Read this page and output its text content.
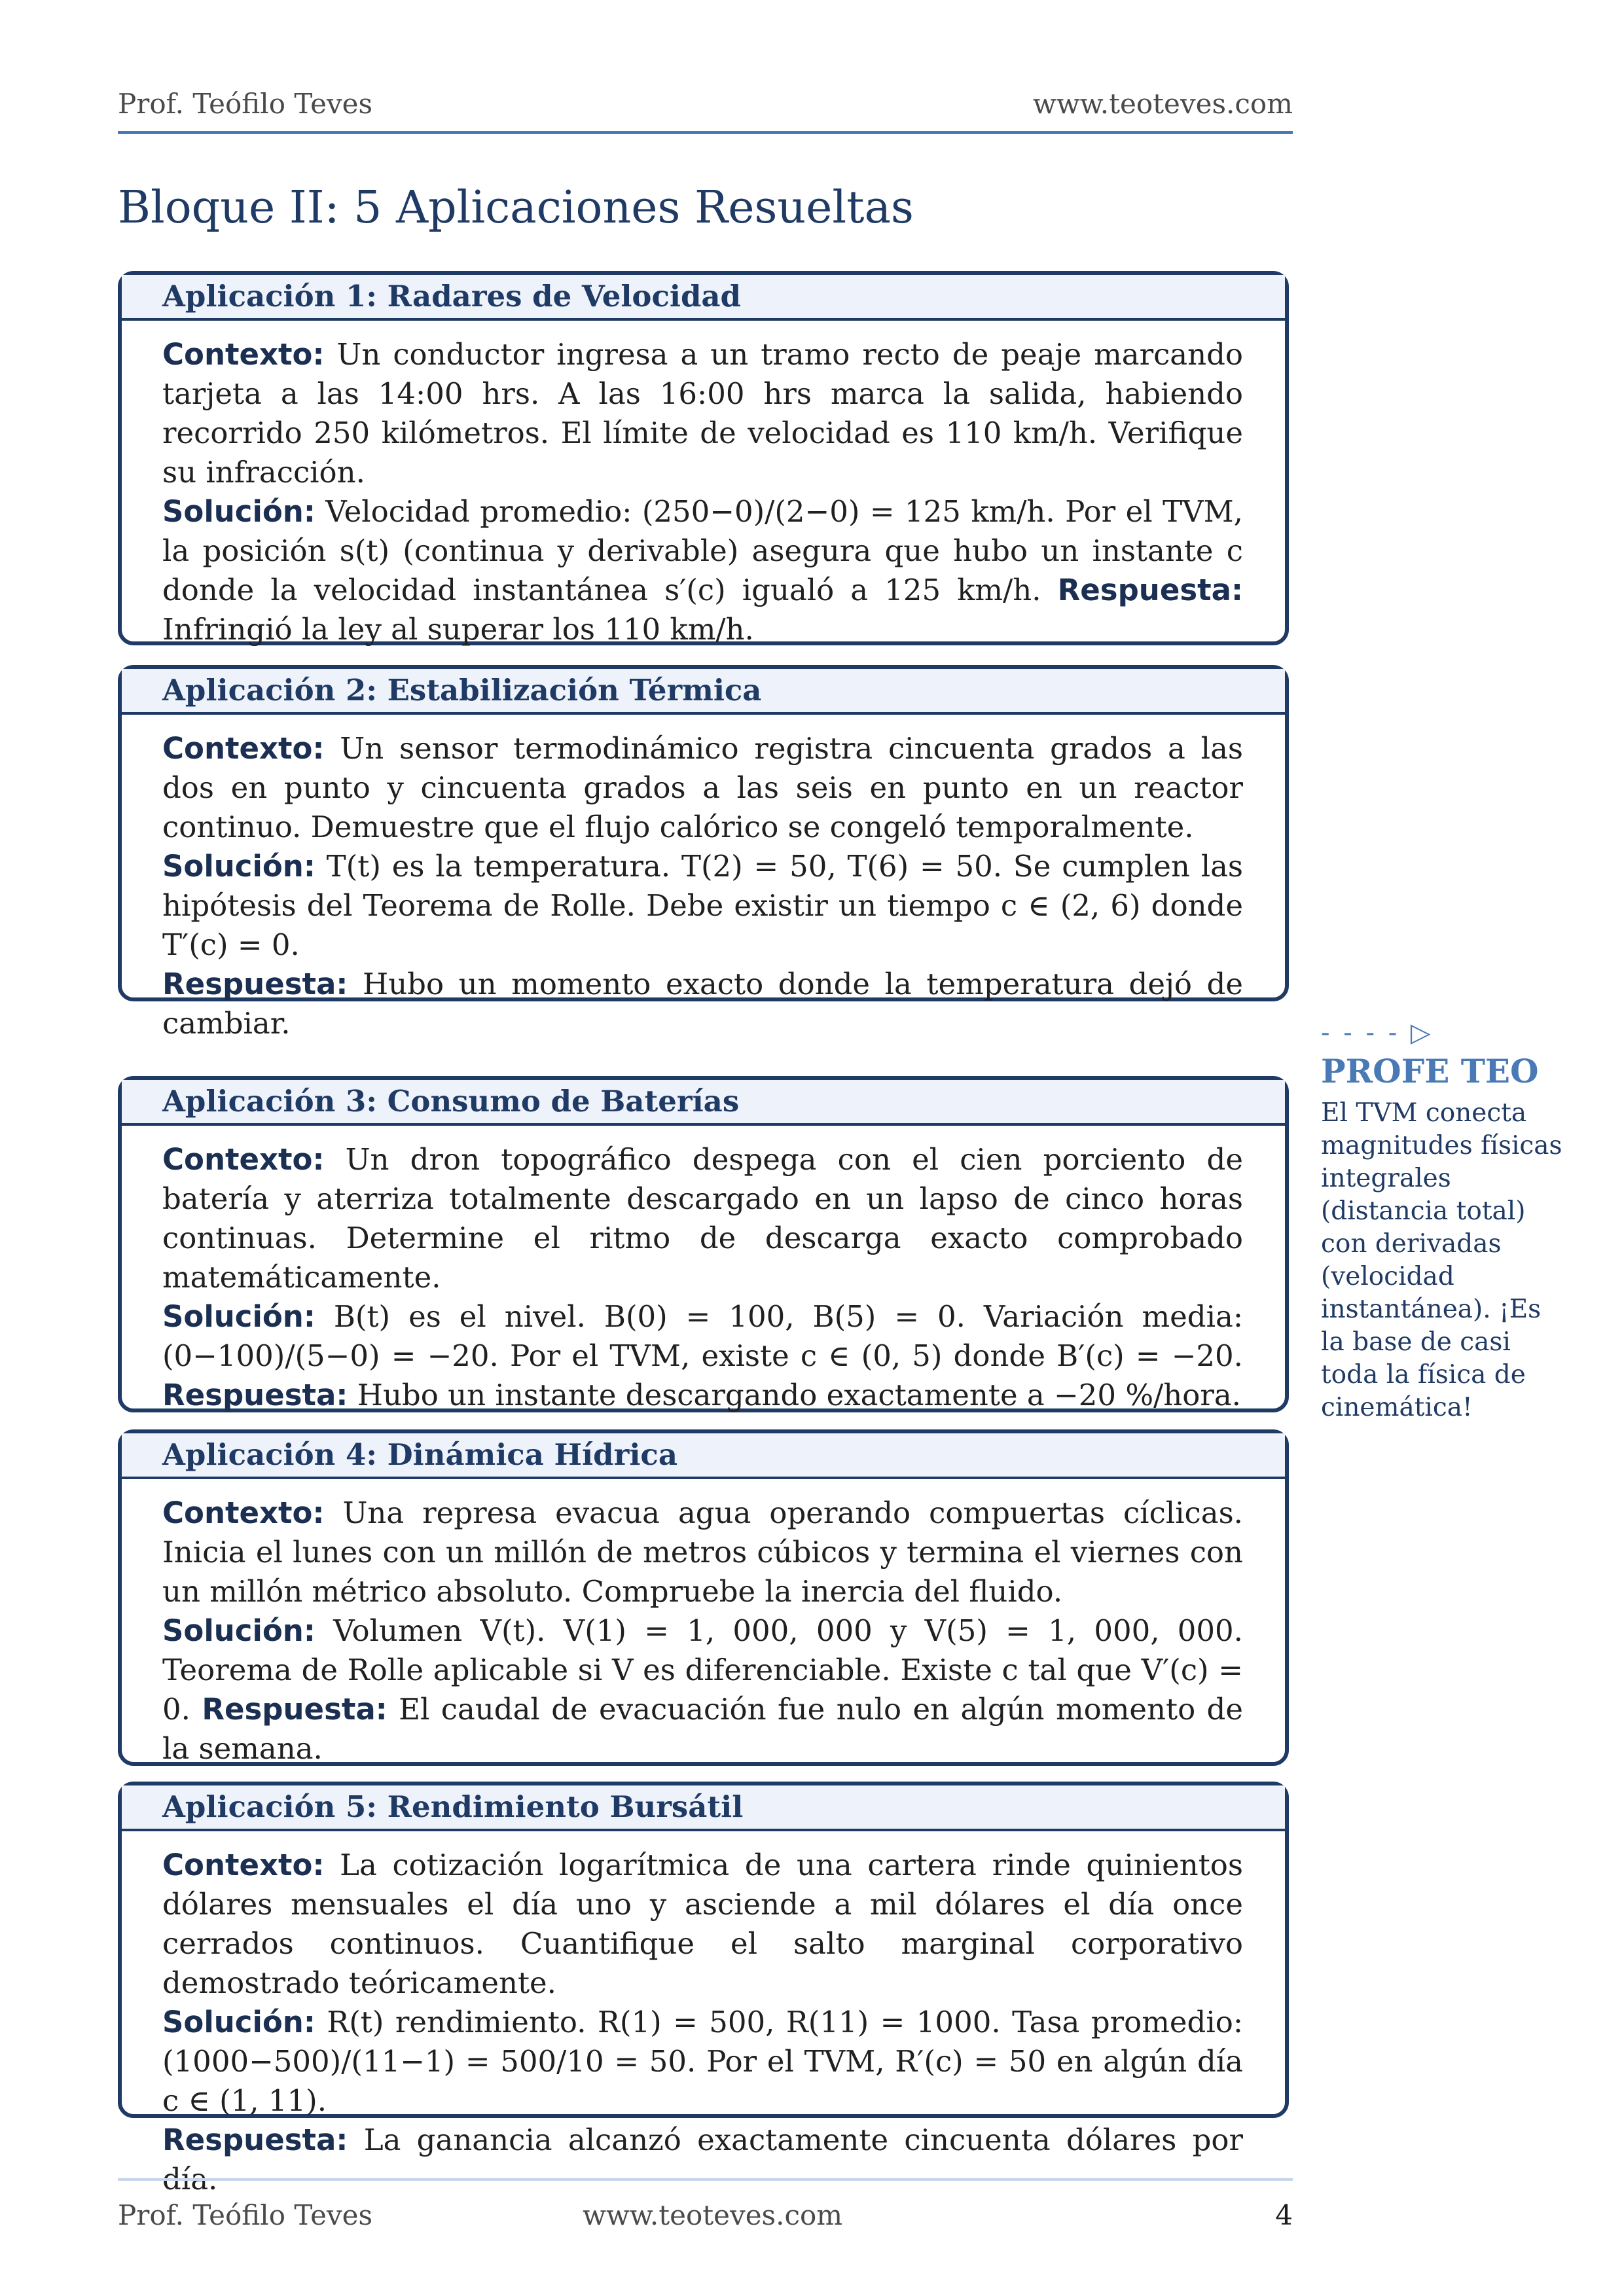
Prof. Teófilo Teves	www.teoteves.com
Bloque II: 5 Aplicaciones Resueltas
Aplicación 1: Radares de Velocidad

Contexto: Un conductor ingresa a un tramo recto de peaje marcando tarjeta a las 14:00 hrs. A las 16:00 hrs marca la salida, habiendo recorrido 250 kilómetros. El límite de velocidad es 110 km/h. Verifique su infracción.

Solución: Velocidad promedio: (250−0)/(2−0) = 125 km/h. Por el TVM, la posición s(t) (continua y derivable) asegura que hubo un instante c donde la velocidad instantánea s′(c) igualó a 125 km/h. Respuesta: Infringió la ley al superar los 110 km/h.

Aplicación 2: Estabilización Térmica

Contexto: Un sensor termodinámico registra cincuenta grados a las dos en punto y cincuenta grados a las seis en punto en un reactor continuo. Demuestre que el flujo calórico se congeló temporalmente.

Solución: T(t) es la temperatura. T(2) = 50, T(6) = 50. Se cumplen las hipótesis del Teorema de Rolle. Debe existir un tiempo c ∈ (2, 6) donde T′(c) = 0.

Respuesta: Hubo un momento exacto donde la temperatura dejó de cambiar.

Aplicación 3: Consumo de Baterías

Contexto: Un dron topográfico despega con el cien porciento de batería y aterriza totalmente descargado en un lapso de cinco horas continuas. Determine el ritmo de descarga exacto comprobado matemáticamente.

Solución: B(t) es el nivel. B(0) = 100, B(5) = 0. Variación media: (0−100)/(5−0) = −20. Por el TVM, existe c ∈ (0, 5) donde B′(c) = −20. Respuesta: Hubo un instante descargando exactamente a −20 %/hora.

Aplicación 4: Dinámica Hídrica

Contexto: Una represa evacua agua operando compuertas cíclicas. Inicia el lunes con un millón de metros cúbicos y termina el viernes con un millón métrico absoluto. Compruebe la inercia del fluido.

Solución: Volumen V(t). V(1) = 1, 000, 000 y V(5) = 1, 000, 000. Teorema de Rolle aplicable si V es diferenciable. Existe c tal que V′(c) = 0. Respuesta: El caudal de evacuación fue nulo en algún momento de la semana.

Aplicación 5: Rendimiento Bursátil

Contexto: La cotización logarítmica de una cartera rinde quinientos dólares mensuales el día uno y asciende a mil dólares el día once cerrados continuos. Cuantifique el salto marginal corporativo demostrado teóricamente.

Solución: R(t) rendimiento. R(1) = 500, R(11) = 1000. Tasa promedio: (1000−500)/(11−1) = 500/10 = 50. Por el TVM, R′(c) = 50 en algún día c ∈ (1, 11).

Respuesta: La ganancia alcanzó exactamente cincuenta dólares por día.

- - - - ▷
PROFE TEO
El TVM conecta magnitudes físicas integrales (distancia total) con derivadas (velocidad instantánea). ¡Es la base de casi toda la física de cinemática!
Prof. Teófilo Teves	www.teoteves.com	4
